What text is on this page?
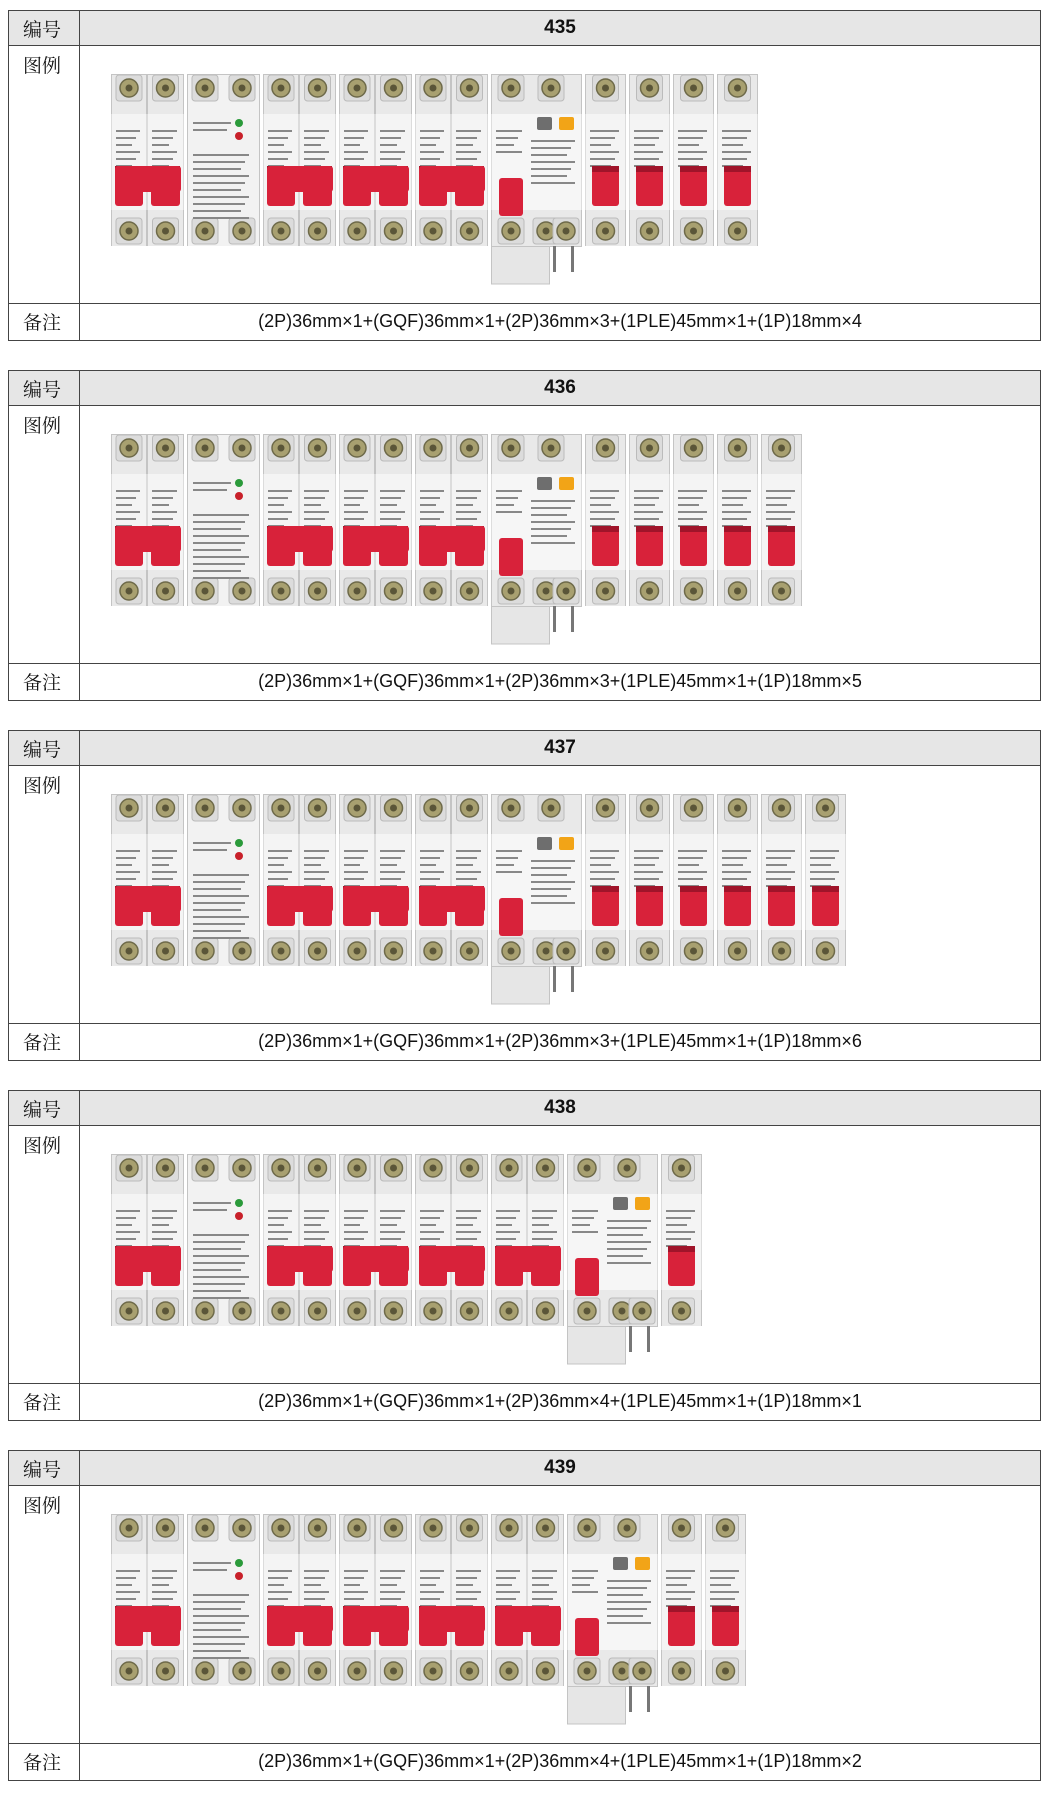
编号	435
图例
备注	(2P)36mm×1+(GQF)36mm×1+(2P)36mm×3+(1PLE)45mm×1+(1P)18mm×4
编号	436
图例
备注	(2P)36mm×1+(GQF)36mm×1+(2P)36mm×3+(1PLE)45mm×1+(1P)18mm×5
编号	437
图例
备注	(2P)36mm×1+(GQF)36mm×1+(2P)36mm×3+(1PLE)45mm×1+(1P)18mm×6
编号	438
图例
备注	(2P)36mm×1+(GQF)36mm×1+(2P)36mm×4+(1PLE)45mm×1+(1P)18mm×1
编号	439
图例
备注	(2P)36mm×1+(GQF)36mm×1+(2P)36mm×4+(1PLE)45mm×1+(1P)18mm×2
